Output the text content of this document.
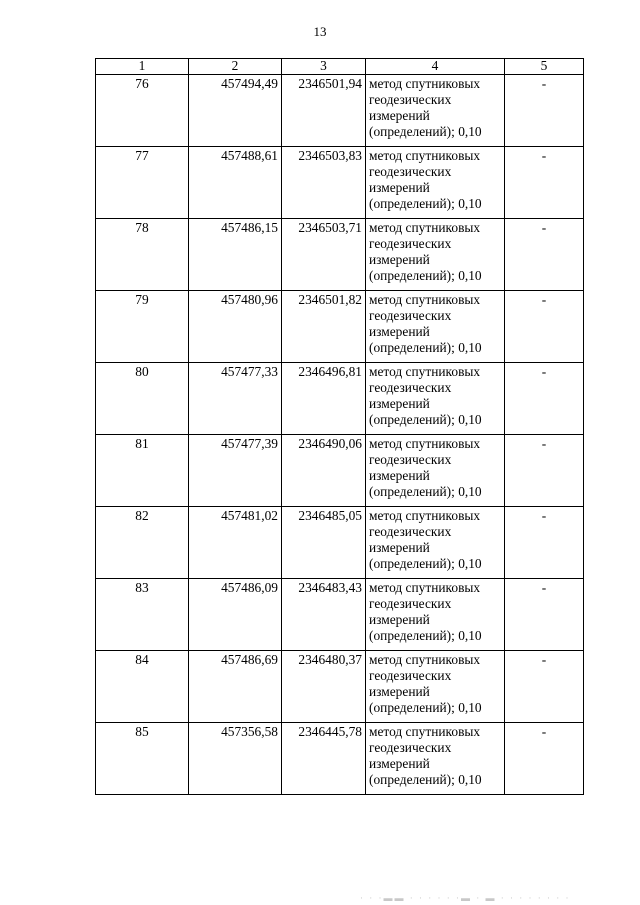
13
1	2	3	4	5
76	457494,49	2346501,94	метод спутниковых геодезических измерений (определений); 0,10	-
77	457488,61	2346503,83	метод спутниковых геодезических измерений (определений); 0,10	-
78	457486,15	2346503,71	метод спутниковых геодезических измерений (определений); 0,10	-
79	457480,96	2346501,82	метод спутниковых геодезических измерений (определений); 0,10	-
80	457477,33	2346496,81	метод спутниковых геодезических измерений (определений); 0,10	-
81	457477,39	2346490,06	метод спутниковых геодезических измерений (определений); 0,10	-
82	457481,02	2346485,05	метод спутниковых геодезических измерений (определений); 0,10	-
83	457486,09	2346483,43	метод спутниковых геодезических измерений (определений); 0,10	-
84	457486,69	2346480,37	метод спутниковых геодезических измерений (определений); 0,10	-
85	457356,58	2346445,78	метод спутниковых геодезических измерений (определений); 0,10	-
· · ·▬▬ · · · · · ·▬ · ▬ · · · · · · · ·
